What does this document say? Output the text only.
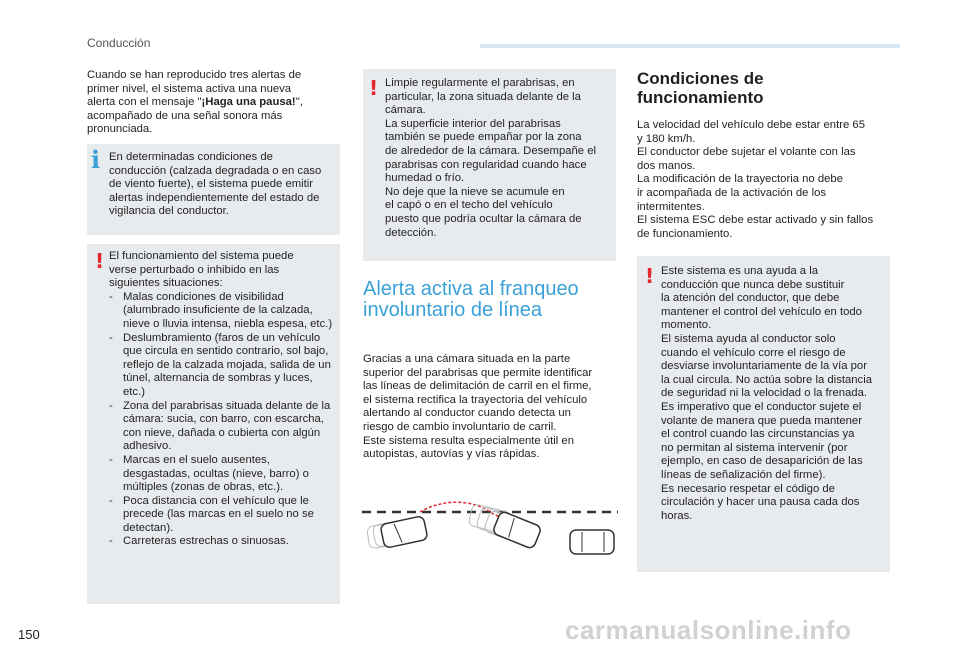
Conducción
Cuando se han reproducido tres alertas de
primer nivel, el sistema activa una nueva
alerta con el mensaje "¡Haga una pausa!",
acompañado de una señal sonora más
pronunciada.
i En determinadas condiciones de
conducción (calzada degradada o en caso
de viento fuerte), el sistema puede emitir
alertas independientemente del estado de
vigilancia del conductor.
! El funcionamiento del sistema puede
verse perturbado o inhibido en las
siguientes situaciones:
- Malas condiciones de visibilidad (alumbrado insuficiente de la calzada, nieve o lluvia intensa, niebla espesa, etc.)
- Deslumbramiento (faros de un vehículo que circula en sentido contrario, sol bajo, reflejo de la calzada mojada, salida de un túnel, alternancia de sombras y luces, etc.)
- Zona del parabrisas situada delante de la cámara: sucia, con barro, con escarcha, con nieve, dañada o cubierta con algún adhesivo.
- Marcas en el suelo ausentes, desgastadas, ocultas (nieve, barro) o múltiples (zonas de obras, etc.).
- Poca distancia con el vehículo que le precede (las marcas en el suelo no se detectan).
- Carreteras estrechas o sinuosas.
! Limpie regularmente el parabrisas, en
particular, la zona situada delante de la
cámara.
La superficie interior del parabrisas
también se puede empañar por la zona
de alrededor de la cámara. Desempañe el
parabrisas con regularidad cuando hace
humedad o frío.
No deje que la nieve se acumule en
el capó o en el techo del vehículo
puesto que podría ocultar la cámara de
detección.
Alerta activa al franqueo
involuntario de línea
Gracias a una cámara situada en la parte
superior del parabrisas que permite identificar
las líneas de delimitación de carril en el firme,
el sistema rectifica la trayectoria del vehículo
alertando al conductor cuando detecta un
riesgo de cambio involuntario de carril.
Este sistema resulta especialmente útil en
autopistas, autovías y vías rápidas.
Condiciones de
funcionamiento
La velocidad del vehículo debe estar entre 65
y 180 km/h.
El conductor debe sujetar el volante con las
dos manos.
La modificación de la trayectoria no debe
ir acompañada de la activación de los
intermitentes.
El sistema ESC debe estar activado y sin fallos
de funcionamiento.
! Este sistema es una ayuda a la
conducción que nunca debe sustituir
la atención del conductor, que debe
mantener el control del vehículo en todo
momento.
El sistema ayuda al conductor solo
cuando el vehículo corre el riesgo de
desviarse involuntariamente de la vía por
la cual circula. No actúa sobre la distancia
de seguridad ni la velocidad o la frenada.
Es imperativo que el conductor sujete el
volante de manera que pueda mantener
el control cuando las circunstancias ya
no permitan al sistema intervenir (por
ejemplo, en caso de desaparición de las
líneas de señalización del firme).
Es necesario respetar el código de
circulación y hacer una pausa cada dos
horas.
150	carmanualsonline.info
